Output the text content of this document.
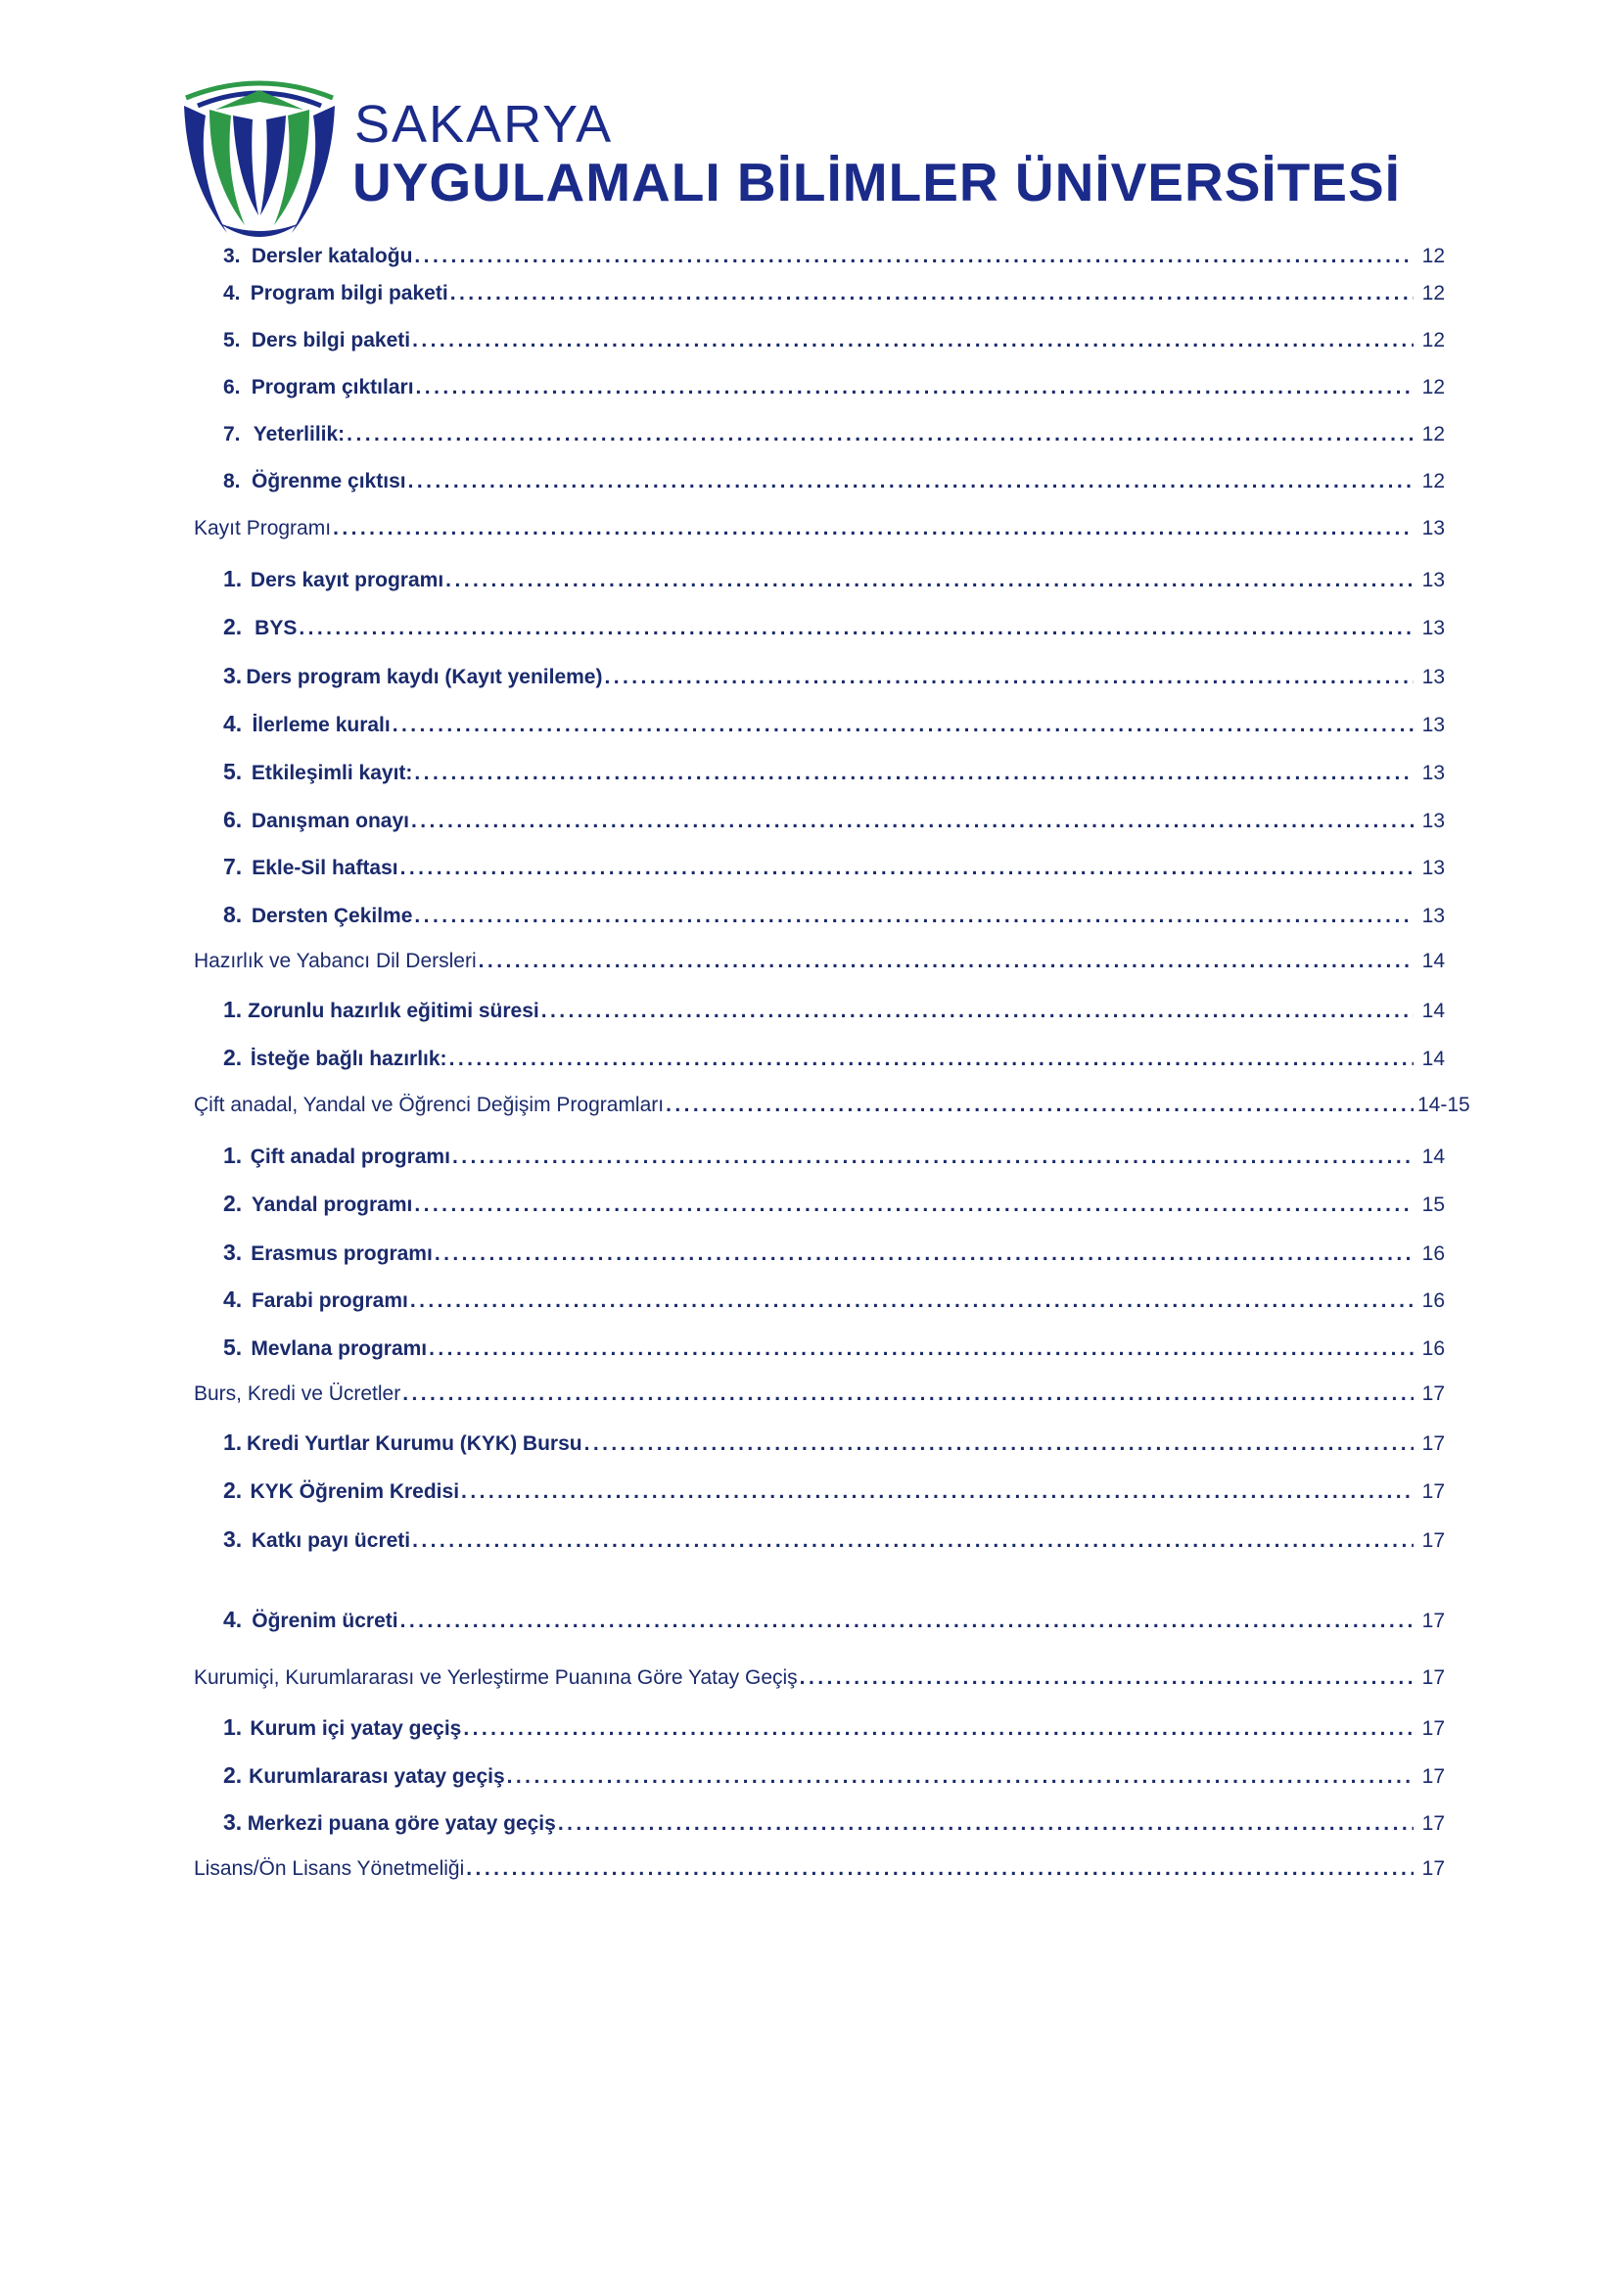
SAKARYA
UYGULAMALI BİLİMLER ÜNİVERSİTESİ
3. Dersler kataloğu . . .	12
4. Program bilgi paketi . . .	12
5. Ders bilgi paketi . . .	12
6. Program çıktıları . . .	12
7. Yeterlilik: . . .	12
8. Öğrenme çıktısı . . .	12
Kayıt Programı . . .	13
1. Ders kayıt programı . . .	13
2. BYS . . .	13
3. Ders program kaydı (Kayıt yenileme) . . .	13
4. İlerleme kuralı . . .	13
5. Etkileşimli kayıt: . . .	13
6. Danışman onayı . . .	13
7. Ekle-Sil haftası . . .	13
8. Dersten Çekilme . . .	13
Hazırlık ve Yabancı Dil Dersleri . . .	14
1. Zorunlu hazırlık eğitimi süresi . . .	14
2. İsteğe bağlı hazırlık: . . .	14
Çift anadal, Yandal ve Öğrenci Değişim Programları . . .	14-15
1. Çift anadal programı . . .	14
2. Yandal programı . . .	15
3. Erasmus programı . . .	16
4. Farabi programı . . .	16
5. Mevlana programı . . .	16
Burs, Kredi ve Ücretler . . .	17
1. Kredi Yurtlar Kurumu (KYK) Bursu . . .	17
2. KYK Öğrenim Kredisi . . .	17
3. Katkı payı ücreti . . .	17
4. Öğrenim ücreti . . .	17
Kurumiçi, Kurumlararası ve Yerleştirme Puanına Göre Yatay Geçiş . . .	17
1. Kurum içi yatay geçiş . . .	17
2. Kurumlararası yatay geçiş . . .	17
3. Merkezi puana göre yatay geçiş . . .	17
Lisans/Ön Lisans Yönetmeliği . . .	17
